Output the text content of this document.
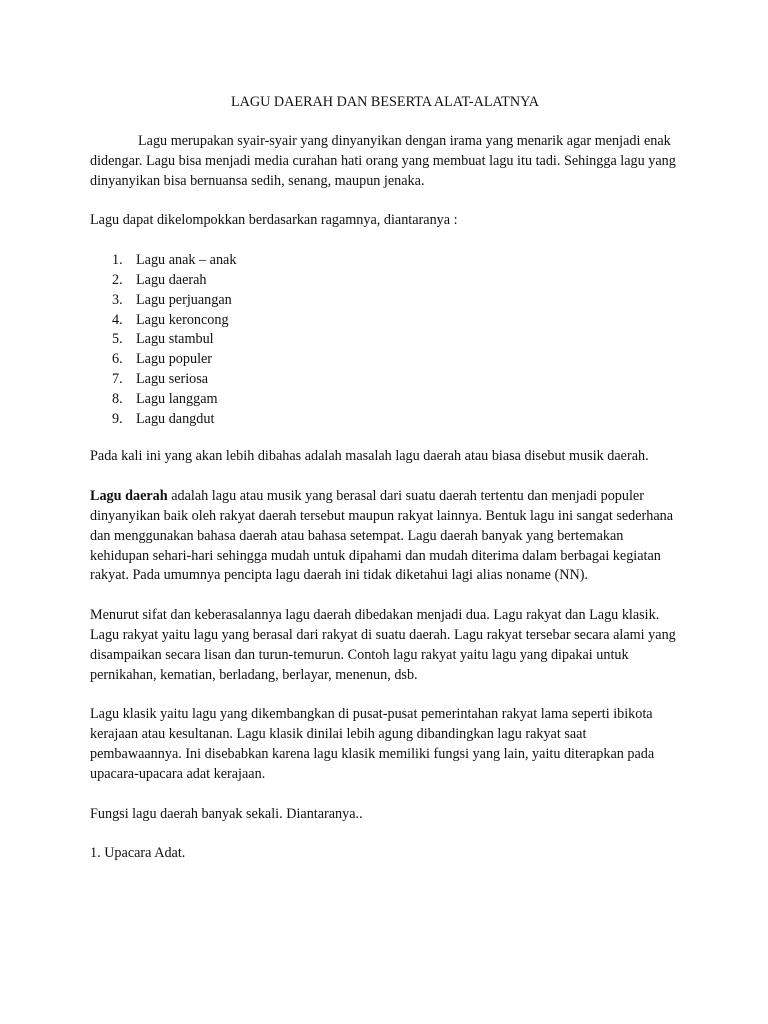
LAGU DAERAH DAN BESERTA ALAT-ALATNYA

Lagu merupakan syair-syair yang dinyanyikan dengan irama yang menarik agar menjadi enak didengar. Lagu bisa menjadi media curahan hati orang yang membuat lagu itu tadi. Sehingga lagu yang dinyanyikan bisa bernuansa sedih, senang, maupun jenaka.

Lagu dapat dikelompokkan berdasarkan ragamnya, diantaranya :

1. Lagu anak – anak
2. Lagu daerah
3. Lagu perjuangan
4. Lagu keroncong
5. Lagu stambul
6. Lagu populer
7. Lagu seriosa
8. Lagu langgam
9. Lagu dangdut

Pada kali ini yang akan lebih dibahas adalah masalah lagu daerah atau biasa disebut musik daerah.

Lagu daerah adalah lagu atau musik yang berasal dari suatu daerah tertentu dan menjadi populer dinyanyikan baik oleh rakyat daerah tersebut maupun rakyat lainnya. Bentuk lagu ini sangat sederhana dan menggunakan bahasa daerah atau bahasa setempat. Lagu daerah banyak yang bertemakan kehidupan sehari-hari sehingga mudah untuk dipahami dan mudah diterima dalam berbagai kegiatan rakyat. Pada umumnya pencipta lagu daerah ini tidak diketahui lagi alias noname (NN).

Menurut sifat dan keberasalannya lagu daerah dibedakan menjadi dua. Lagu rakyat dan Lagu klasik. Lagu rakyat yaitu lagu yang berasal dari rakyat di suatu daerah. Lagu rakyat tersebar secara alami yang disampaikan secara lisan dan turun-temurun. Contoh lagu rakyat yaitu lagu yang dipakai untuk pernikahan, kematian, berladang, berlayar, menenun, dsb.

Lagu klasik yaitu lagu yang dikembangkan di pusat-pusat pemerintahan rakyat lama seperti ibikota kerajaan atau kesultanan. Lagu klasik dinilai lebih agung dibandingkan lagu rakyat saat pembawaannya. Ini disebabkan karena lagu klasik memiliki fungsi yang lain, yaitu diterapkan pada upacara-upacara adat kerajaan.

Fungsi lagu daerah banyak sekali. Diantaranya..

1. Upacara Adat.
